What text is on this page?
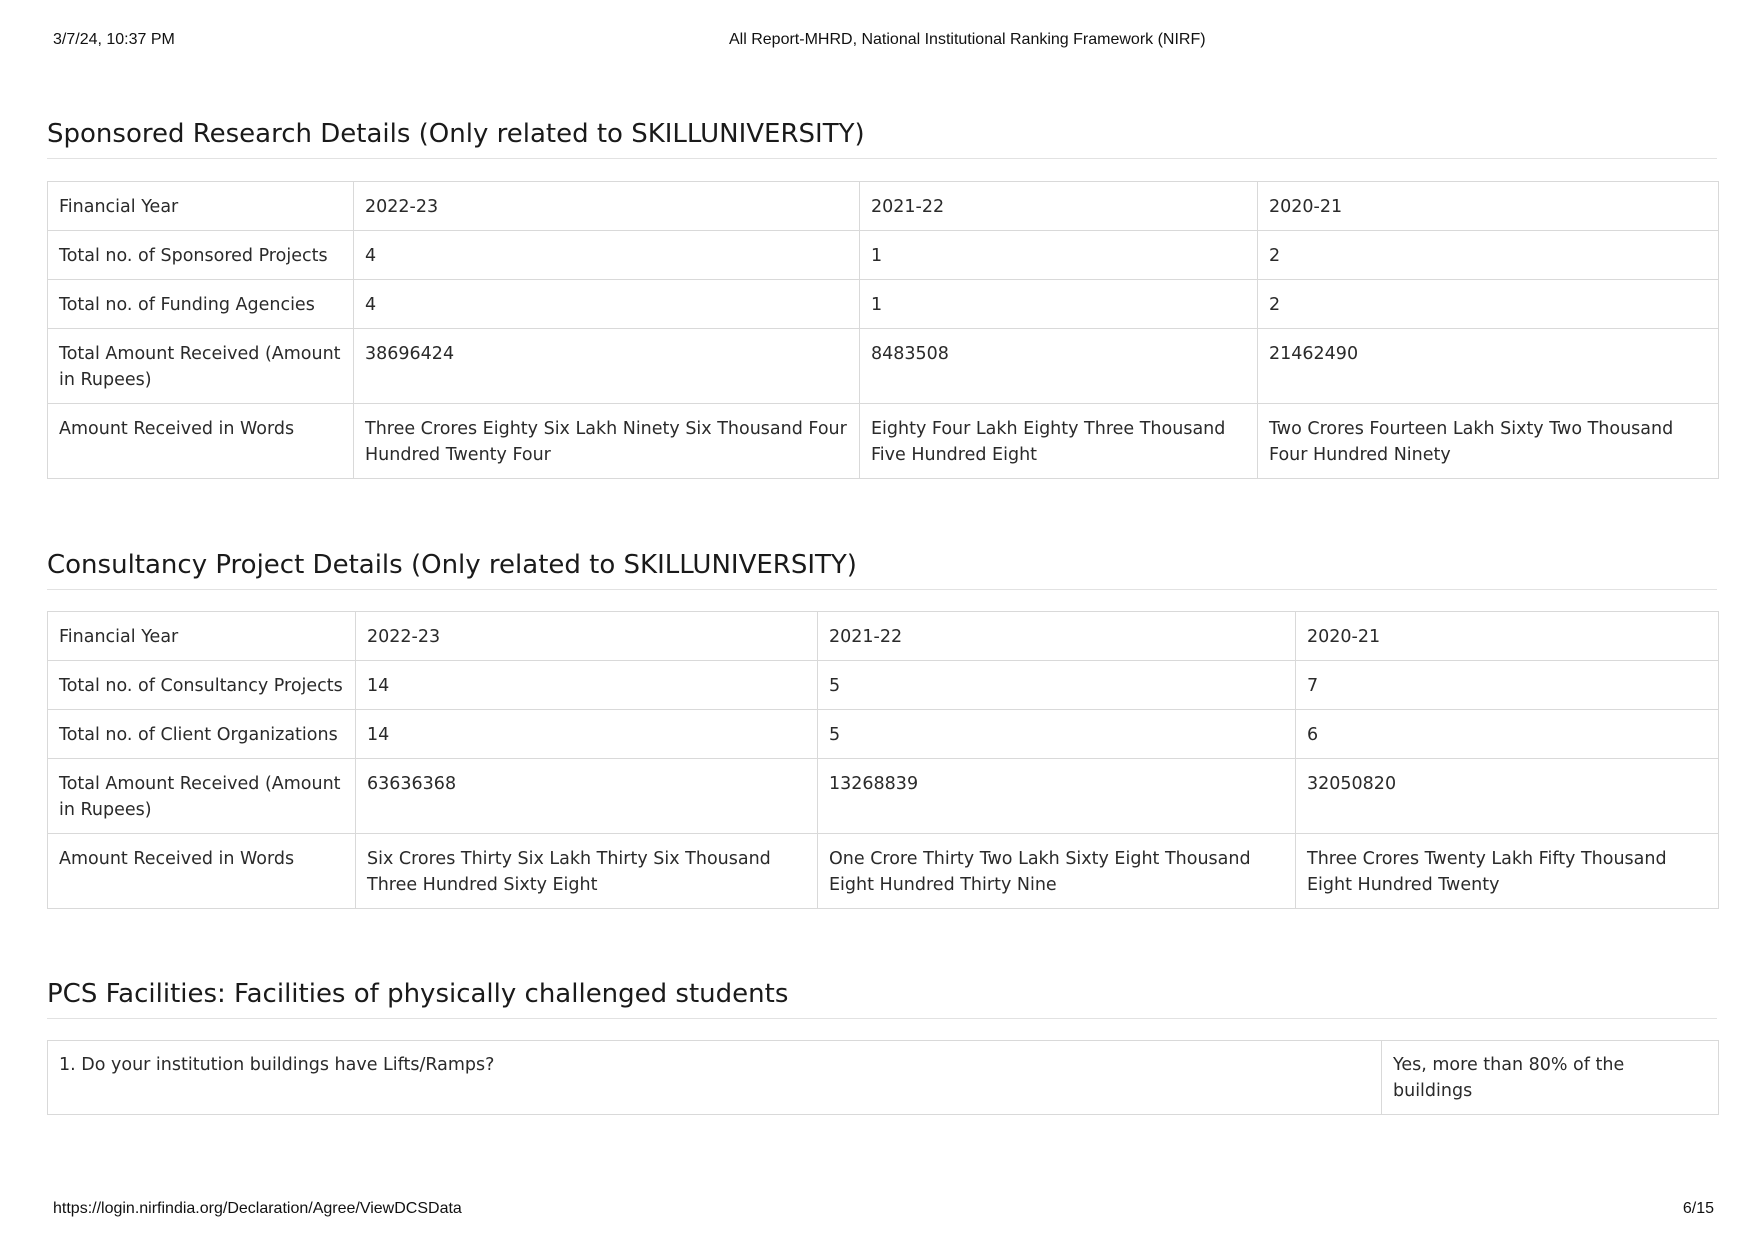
3/7/24, 10:37 PM	All Report-MHRD, National Institutional Ranking Framework (NIRF)
Sponsored Research Details (Only related to SKILLUNIVERSITY)
Financial Year	2022-23	2021-22	2020-21
Total no. of Sponsored Projects	4	1	2
Total no. of Funding Agencies	4	1	2
Total Amount Received (Amount in Rupees)	38696424	8483508	21462490
Amount Received in Words	Three Crores Eighty Six Lakh Ninety Six Thousand Four Hundred Twenty Four	Eighty Four Lakh Eighty Three Thousand Five Hundred Eight	Two Crores Fourteen Lakh Sixty Two Thousand Four Hundred Ninety
Consultancy Project Details (Only related to SKILLUNIVERSITY)
Financial Year	2022-23	2021-22	2020-21
Total no. of Consultancy Projects	14	5	7
Total no. of Client Organizations	14	5	6
Total Amount Received (Amount in Rupees)	63636368	13268839	32050820
Amount Received in Words	Six Crores Thirty Six Lakh Thirty Six Thousand Three Hundred Sixty Eight	One Crore Thirty Two Lakh Sixty Eight Thousand Eight Hundred Thirty Nine	Three Crores Twenty Lakh Fifty Thousand Eight Hundred Twenty
PCS Facilities: Facilities of physically challenged students
1. Do your institution buildings have Lifts/Ramps?	Yes, more than 80% of the buildings
https://login.nirfindia.org/Declaration/Agree/ViewDCSData	6/15
